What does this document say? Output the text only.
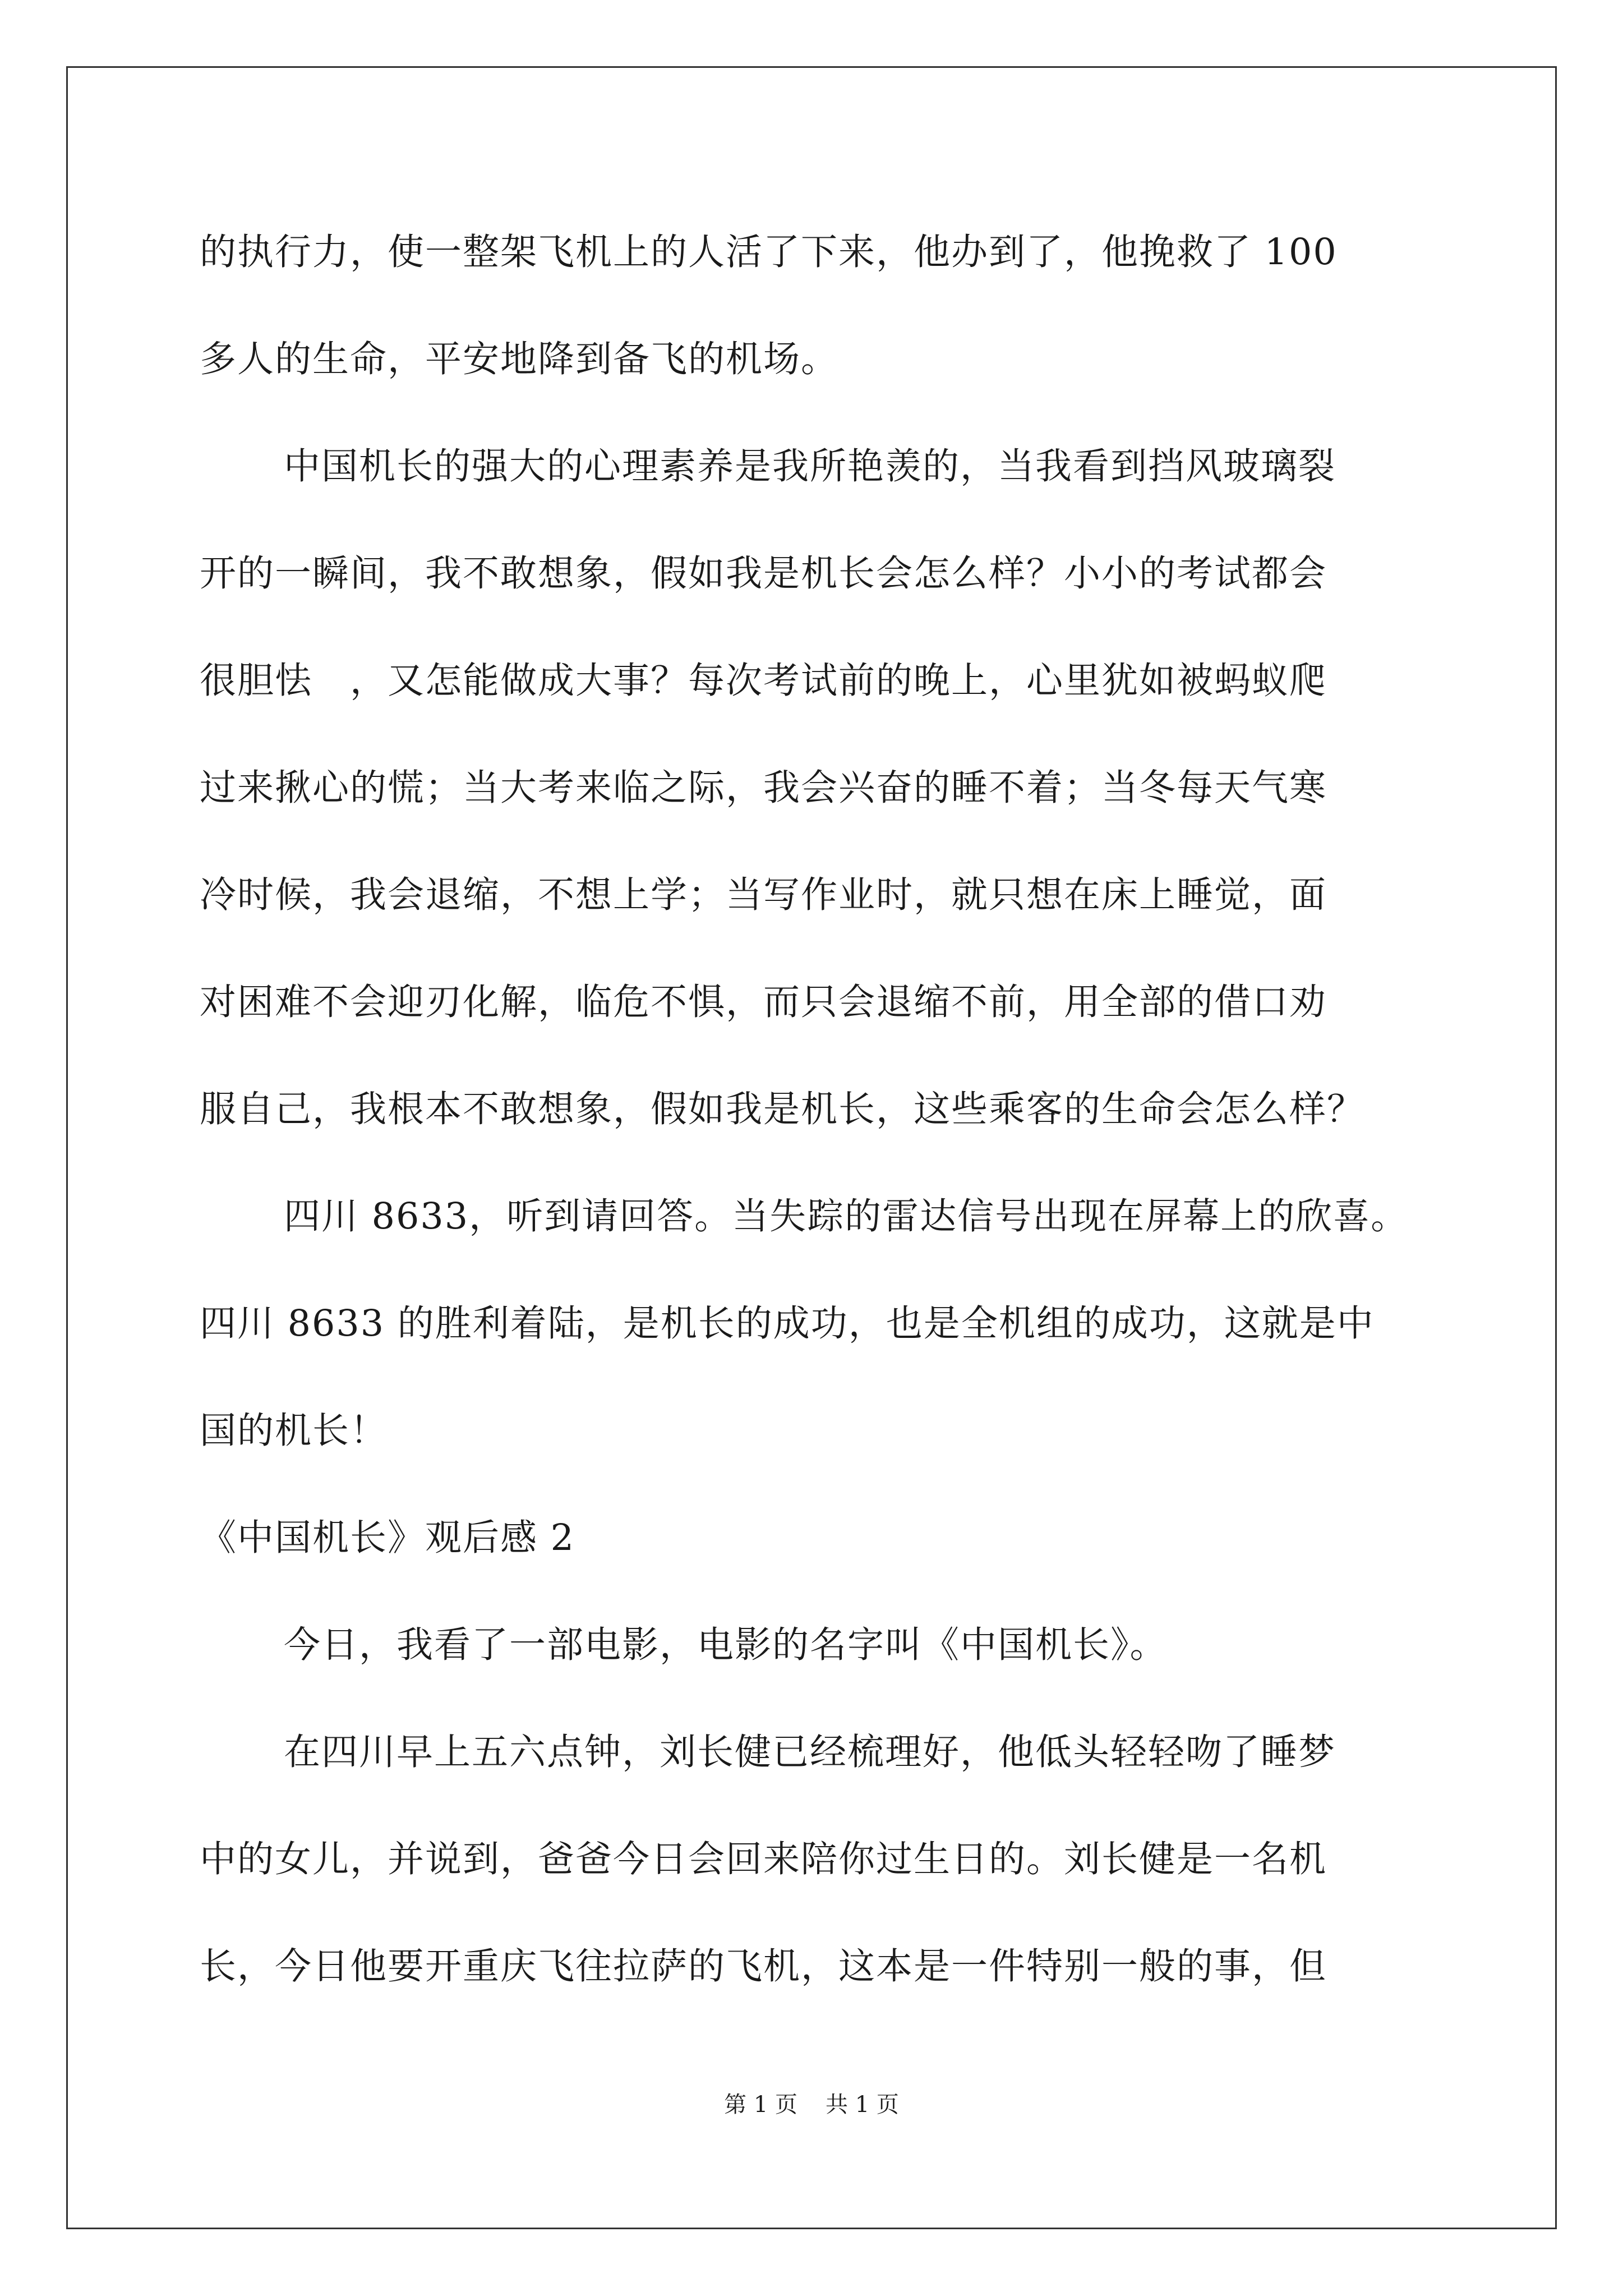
的执行力，使一整架飞机上的人活了下来，他办到了，他挽救了 100
多人的生命，平安地降到备飞的机场。
中国机长的强大的心理素养是我所艳羡的，当我看到挡风玻璃裂
开的一瞬间，我不敢想象，假如我是机长会怎么样？小小的考试都会
很胆怯　，又怎能做成大事？每次考试前的晚上，心里犹如被蚂蚁爬
过来揪心的慌；当大考来临之际，我会兴奋的睡不着；当冬每天气寒
冷时候，我会退缩，不想上学；当写作业时，就只想在床上睡觉，面
对困难不会迎刃化解，临危不惧，而只会退缩不前，用全部的借口劝
服自己，我根本不敢想象，假如我是机长，这些乘客的生命会怎么样？
四川 8633，听到请回答。当失踪的雷达信号出现在屏幕上的欣喜。
四川 8633 的胜利着陆，是机长的成功，也是全机组的成功，这就是中
国的机长！
《中国机长》观后感 2
今日，我看了一部电影，电影的名字叫《中国机长》。
在四川早上五六点钟，刘长健已经梳理好，他低头轻轻吻了睡梦
中的女儿，并说到，爸爸今日会回来陪你过生日的。刘长健是一名机
长，今日他要开重庆飞往拉萨的飞机，这本是一件特别一般的事，但
第 1 页 共 1 页
